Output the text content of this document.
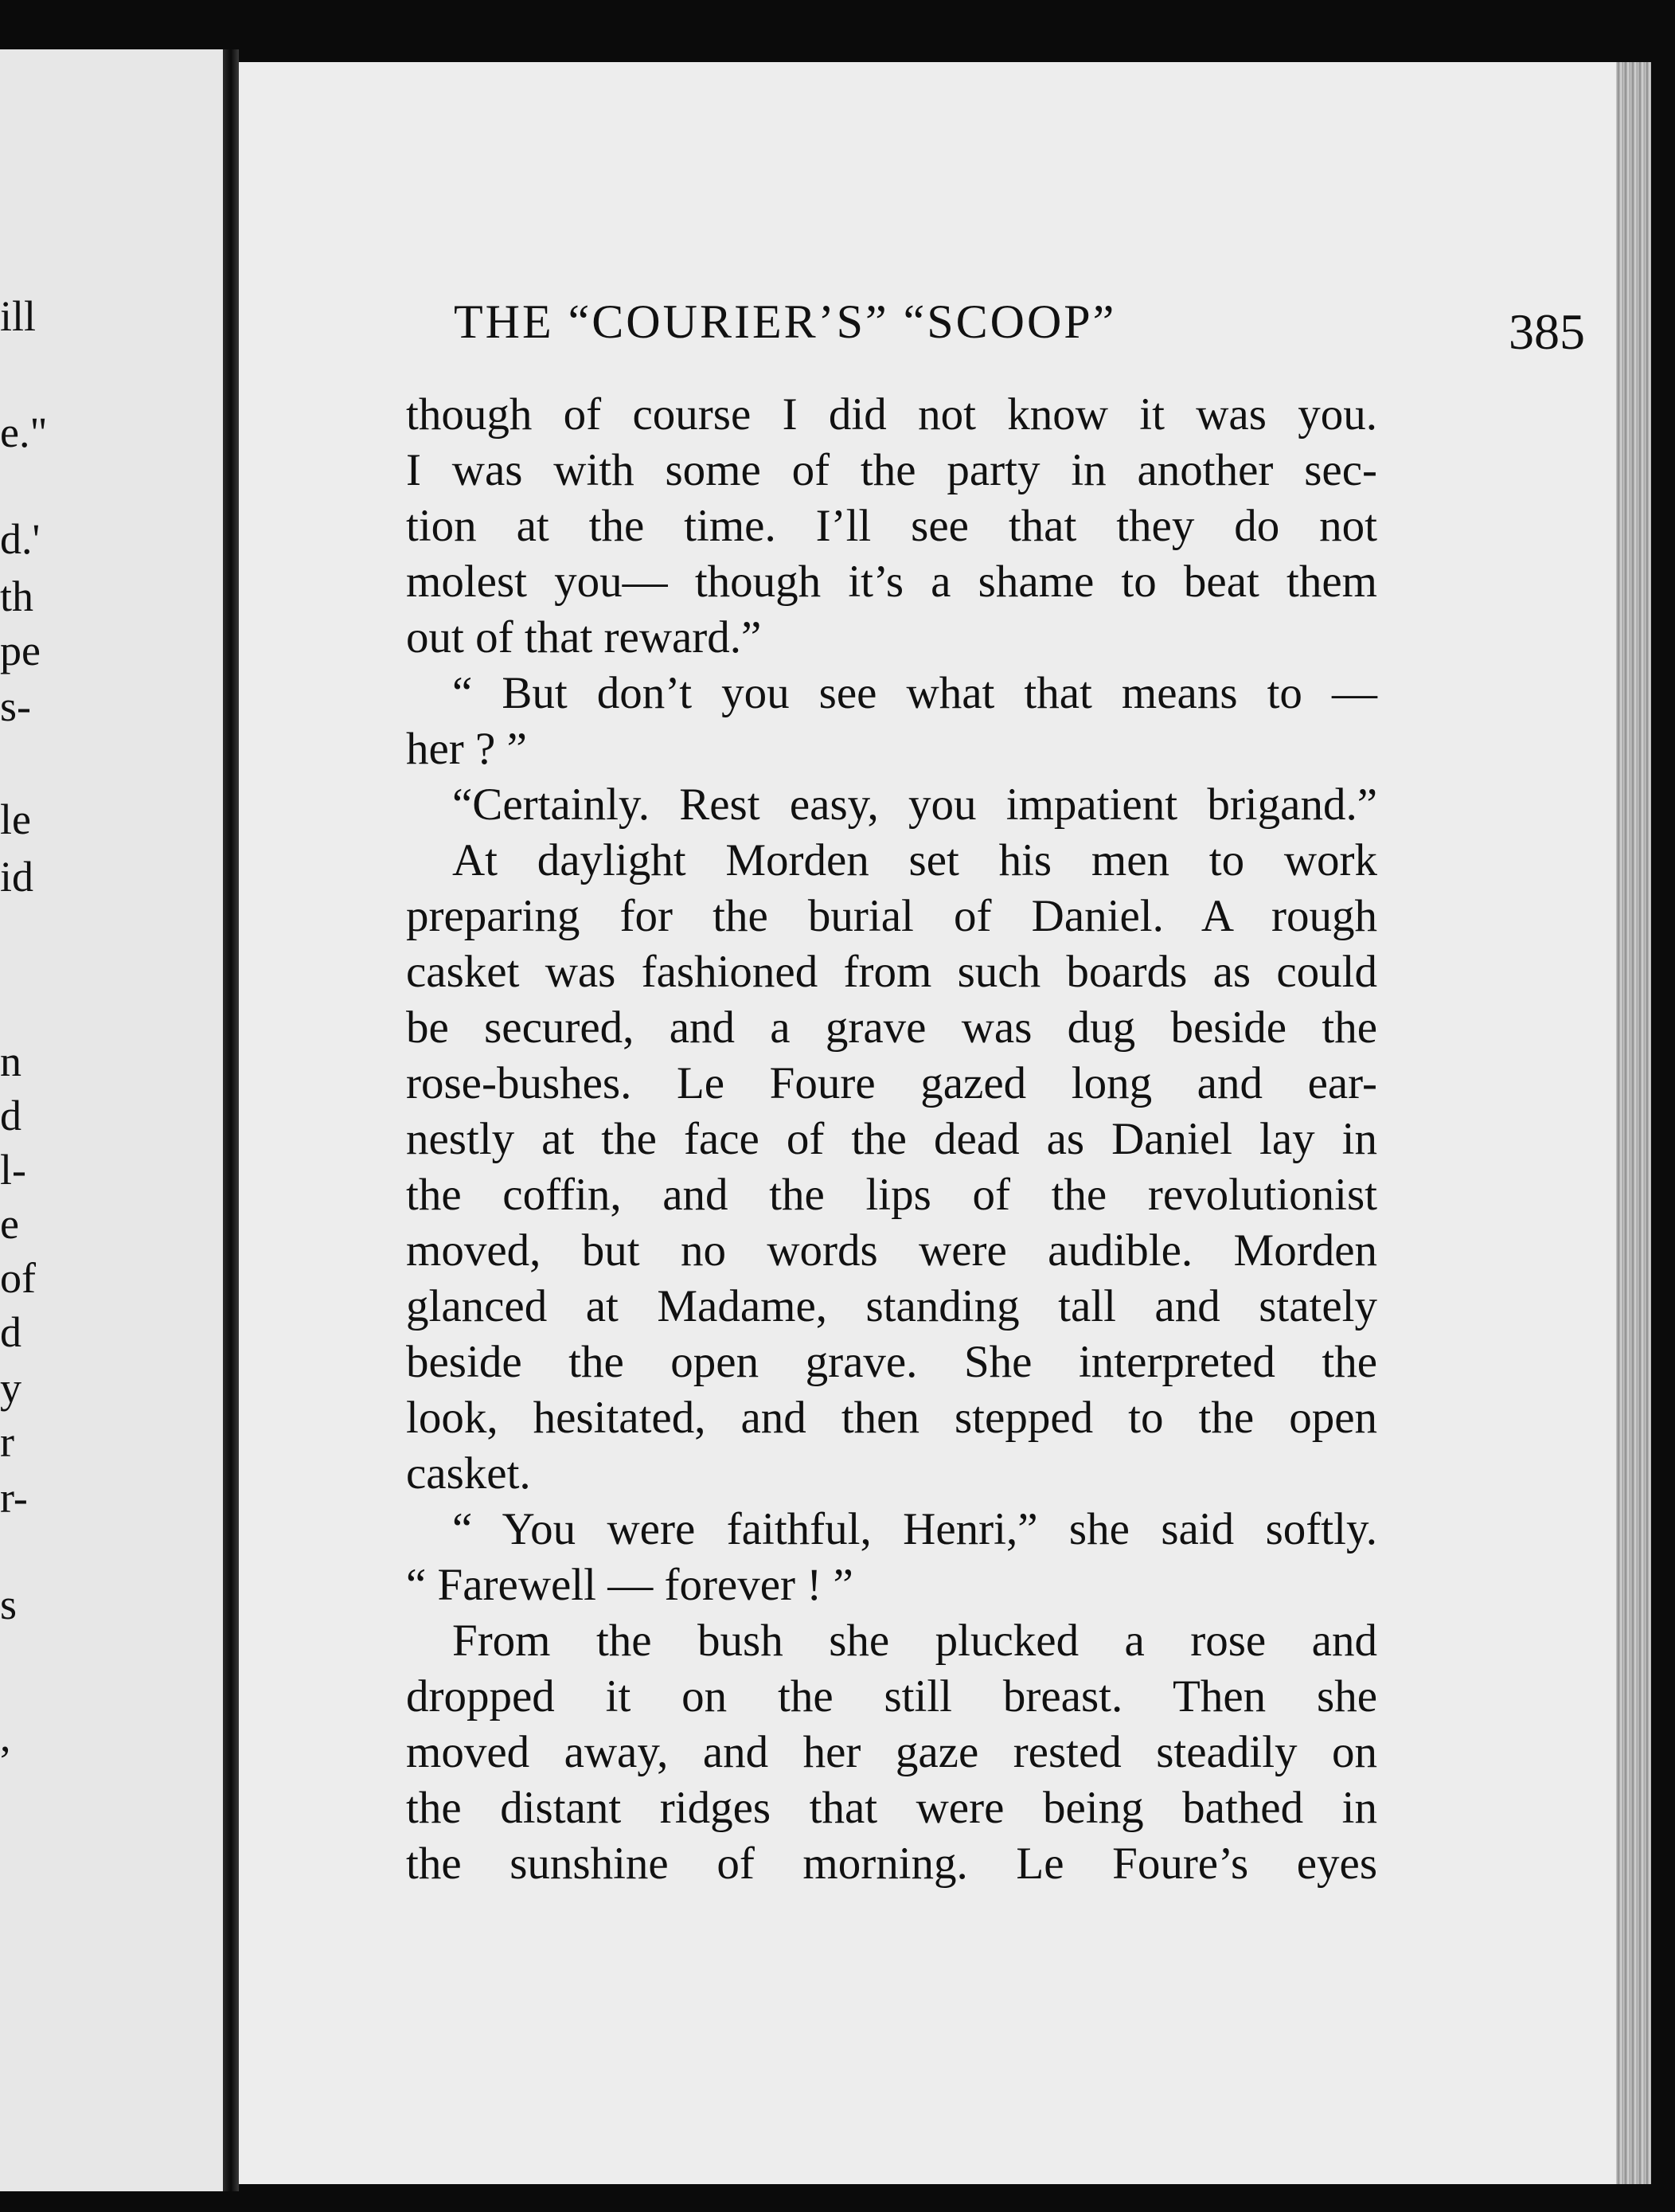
ill
e."
d.'
th
pe
s-
le
id
n
d
l-
e
of
d
y
r
r-
s
,
THE “COURIER’S” “SCOOP”	385
though of course I did not know it was you.
I was with some of the party in another sec-
tion at the time. I’ll see that they do not
molest you— though it’s a shame to beat them
out of that reward.”
“ But don’t you see what that means to —
her ? ”
“Certainly. Rest easy, you impatient brigand.”
At daylight Morden set his men to work
preparing for the burial of Daniel. A rough
casket was fashioned from such boards as could
be secured, and a grave was dug beside the
rose-bushes. Le Foure gazed long and ear-
nestly at the face of the dead as Daniel lay in
the coffin, and the lips of the revolutionist
moved, but no words were audible. Morden
glanced at Madame, standing tall and stately
beside the open grave. She interpreted the
look, hesitated, and then stepped to the open
casket.
“ You were faithful, Henri,” she said softly.
“ Farewell — forever ! ”
From the bush she plucked a rose and
dropped it on the still breast. Then she
moved away, and her gaze rested steadily on
the distant ridges that were being bathed in
the sunshine of morning. Le Foure’s eyes
